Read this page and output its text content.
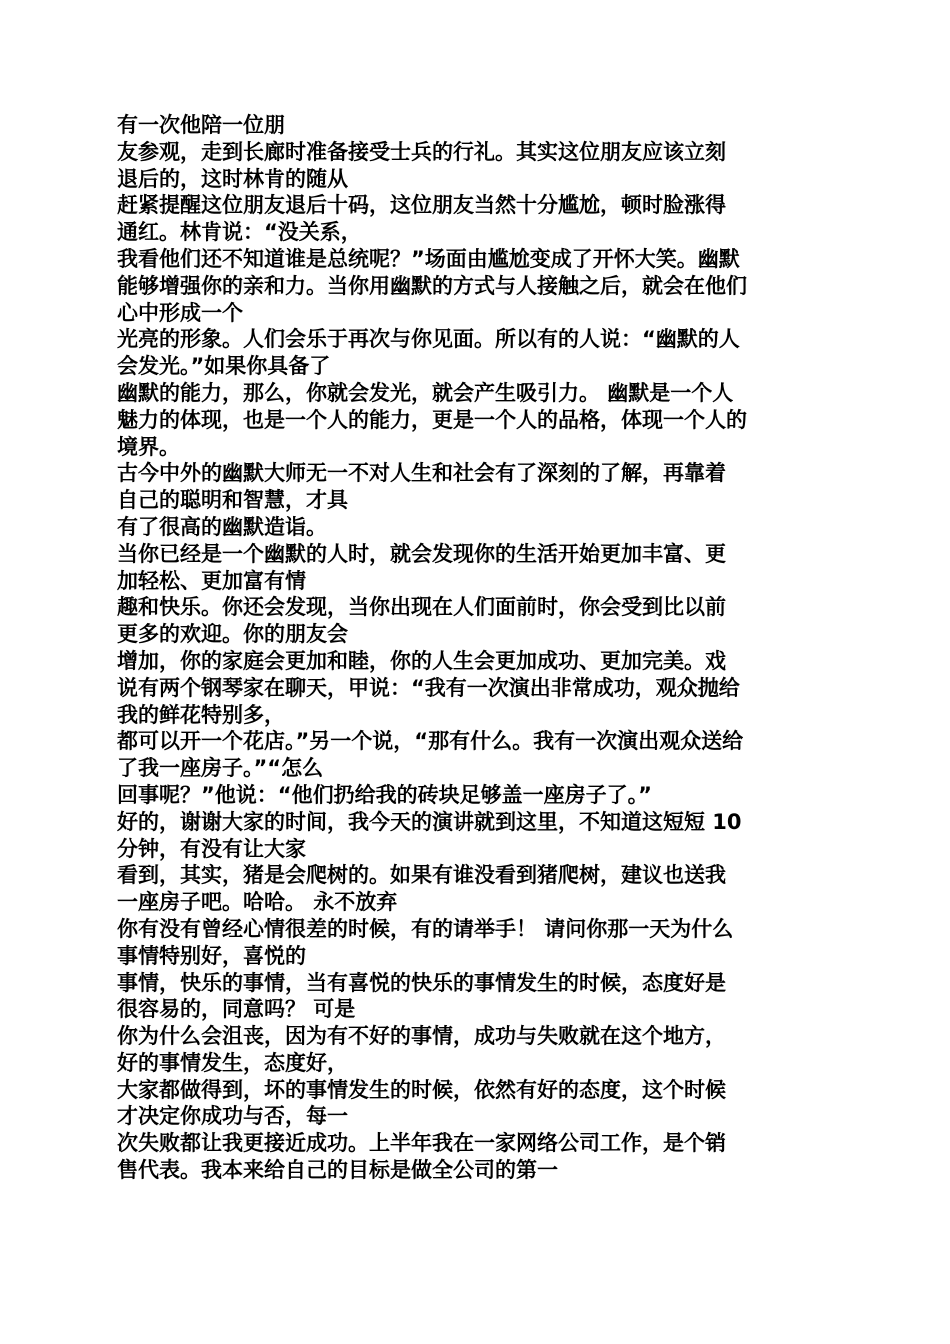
有一次他陪一位朋
友参观，走到长廊时准备接受士兵的行礼。其实这位朋友应该立刻
退后的，这时林肯的随从
赶紧提醒这位朋友退后十码，这位朋友当然十分尴尬，顿时脸涨得
通红。林肯说：“没关系，
我看他们还不知道谁是总统呢？”场面由尴尬变成了开怀大笑。幽默
能够增强你的亲和力。当你用幽默的方式与人接触之后，就会在他们
心中形成一个
光亮的形象。人们会乐于再次与你见面。所以有的人说：“幽默的人
会发光。”如果你具备了
幽默的能力，那么，你就会发光，就会产生吸引力。 幽默是一个人
魅力的体现，也是一个人的能力，更是一个人的品格，体现一个人的
境界。
古今中外的幽默大师无一不对人生和社会有了深刻的了解，再靠着
自己的聪明和智慧，才具
有了很高的幽默造诣。
当你已经是一个幽默的人时，就会发现你的生活开始更加丰富、更
加轻松、更加富有情
趣和快乐。你还会发现，当你出现在人们面前时，你会受到比以前
更多的欢迎。你的朋友会
增加，你的家庭会更加和睦，你的人生会更加成功、更加完美。戏
说有两个钢琴家在聊天，甲说：“我有一次演出非常成功，观众抛给
我的鲜花特别多，
都可以开一个花店。”另一个说，“那有什么。我有一次演出观众送给
了我一座房子。”“怎么
回事呢？”他说：“他们扔给我的砖块足够盖一座房子了。”
好的，谢谢大家的时间，我今天的演讲就到这里，不知道这短短 10
分钟，有没有让大家
看到，其实，猪是会爬树的。如果有谁没看到猪爬树，建议也送我
一座房子吧。哈哈。 永不放弃
你有没有曾经心情很差的时候，有的请举手！ 请问你那一天为什么
事情特别好，喜悦的
事情，快乐的事情，当有喜悦的快乐的事情发生的时候，态度好是
很容易的，同意吗？ 可是
你为什么会沮丧，因为有不好的事情，成功与失败就在这个地方，
好的事情发生，态度好，
大家都做得到，坏的事情发生的时候，依然有好的态度，这个时候
才决定你成功与否，每一
次失败都让我更接近成功。上半年我在一家网络公司工作，是个销
售代表。我本来给自己的目标是做全公司的第一
